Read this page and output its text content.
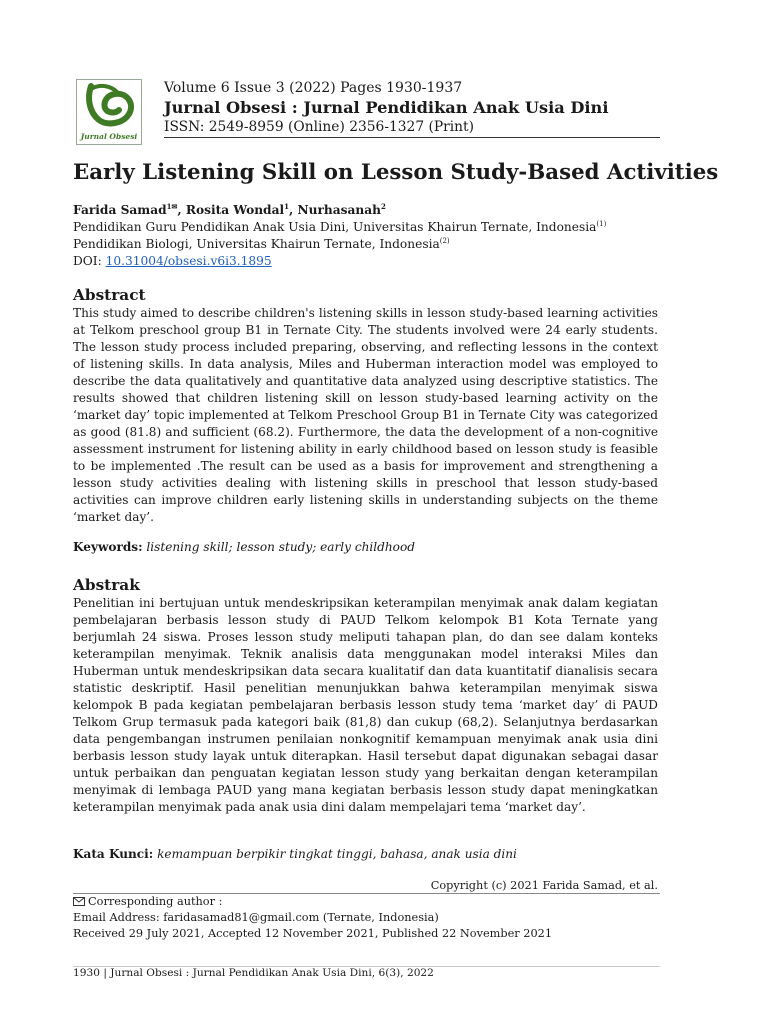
Jurnal Obsesi
Volume 6 Issue 3 (2022) Pages 1930-1937
Jurnal Obsesi : Jurnal Pendidikan Anak Usia Dini
ISSN: 2549-8959 (Online) 2356-1327 (Print)
Early Listening Skill on Lesson Study-Based Activities
Farida Samad$^{1✉}$, Rosita Wondal$^1$, Nurhasanah$^2$
Pendidikan Guru Pendidikan Anak Usia Dini, Universitas Khairun Ternate, Indonesia$^{(1)}$
Pendidikan Biologi, Universitas Khairun Ternate, Indonesia$^{(2)}$
DOI: 10.31004/obsesi.v6i3.1895
Abstract

This study aimed to describe children's listening skills in lesson study-based learning activities at Telkom preschool group B1 in Ternate City. The students involved were 24 early students. The lesson study process included preparing, observing, and reflecting lessons in the context of listening skills. In data analysis, Miles and Huberman interaction model was employed to describe the data qualitatively and quantitative data analyzed using descriptive statistics. The results showed that children listening skill on lesson study-based learning activity on the ‘market day’ topic implemented at Telkom Preschool Group B1 in Ternate City was categorized as good (81.8) and sufficient (68.2). Furthermore, the data the development of a non-cognitive assessment instrument for listening ability in early childhood based on lesson study is feasible to be implemented .The result can be used as a basis for improvement and strengthening a lesson study activities dealing with listening skills in preschool that lesson study-based activities can improve children early listening skills in understanding subjects on the theme ‘market day’.

Keywords: listening skill; lesson study; early childhood
Abstrak

Penelitian ini bertujuan untuk mendeskripsikan keterampilan menyimak anak dalam kegiatan pembelajaran berbasis lesson study di PAUD Telkom kelompok B1 Kota Ternate yang berjumlah 24 siswa. Proses lesson study meliputi tahapan plan, do dan see dalam konteks keterampilan menyimak. Teknik analisis data menggunakan model interaksi Miles dan Huberman untuk mendeskripsikan data secara kualitatif dan data kuantitatif dianalisis secara statistic deskriptif. Hasil penelitian menunjukkan bahwa keterampilan menyimak siswa kelompok B pada kegiatan pembelajaran berbasis lesson study tema ‘market day’ di PAUD Telkom Grup termasuk pada kategori baik (81,8) dan cukup (68,2). Selanjutnya berdasarkan data pengembangan instrumen penilaian nonkognitif kemampuan menyimak anak usia dini berbasis lesson study layak untuk diterapkan. Hasil tersebut dapat digunakan sebagai dasar untuk perbaikan dan penguatan kegiatan lesson study yang berkaitan dengan keterampilan menyimak di lembaga PAUD yang mana kegiatan berbasis lesson study dapat meningkatkan keterampilan menyimak pada anak usia dini dalam mempelajari tema ‘market day’.

Kata Kunci: kemampuan berpikir tingkat tinggi, bahasa, anak usia dini
Copyright (c) 2021 Farida Samad, et al.
Corresponding author :
Email Address: faridasamad81@gmail.com (Ternate, Indonesia)
Received 29 July 2021, Accepted 12 November 2021, Published 22 November 2021
1930 | Jurnal Obsesi : Jurnal Pendidikan Anak Usia Dini, 6(3), 2022
